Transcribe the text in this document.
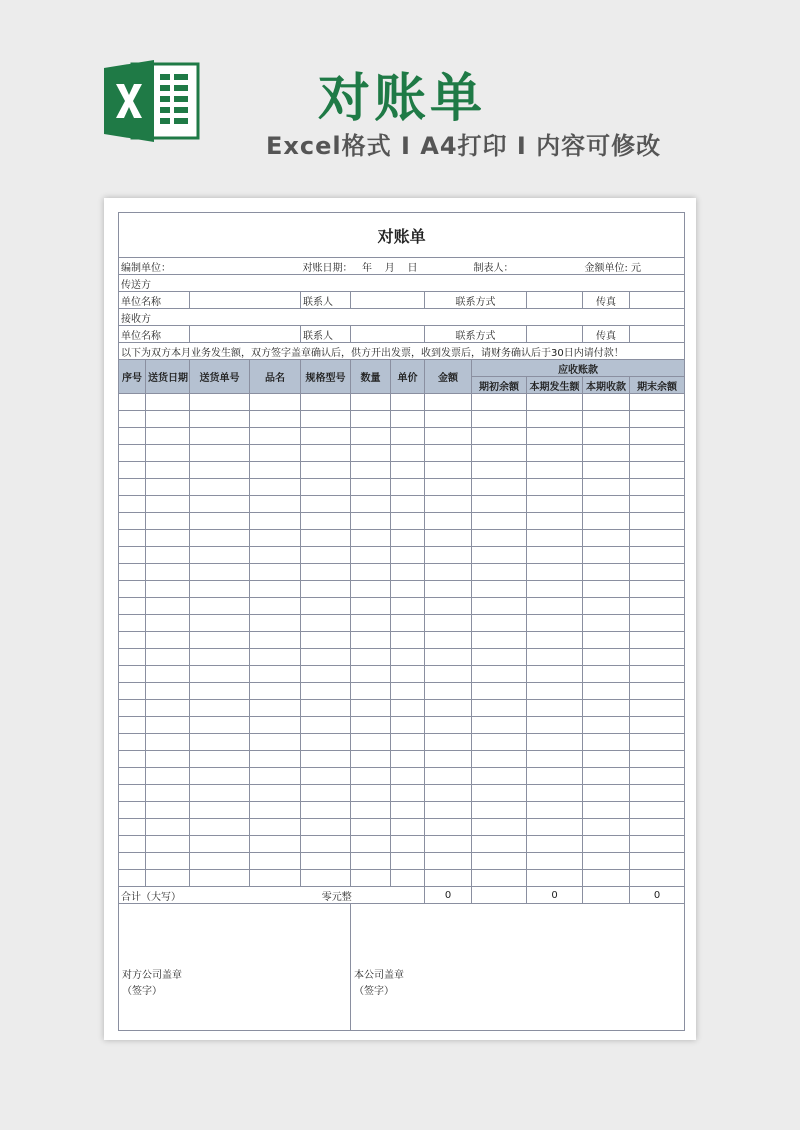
对账单
Excel格式 I A4打印 I 内容可修改
对账单											
编制单位：				对账日期：   年    月    日				制表人：		金额单位: 元	
传送方											
单位名称				联系人			联系方式			传真	
接收方											
单位名称				联系人			联系方式			传真	
以下为双方本月业务发生额，双方签字盖章确认后，供方开出发票，收到发票后，请财务确认后于30日内请付款！											
序号	送货日期	送货单号	品名	规格型号	数量	单价	金额	应收账款			
								期初余额	本期发生额	本期收款	期末余额

合计（大写）			零元整				0		0		0
对方公司盖章
（签字）					本公司盖章
（签字）						
